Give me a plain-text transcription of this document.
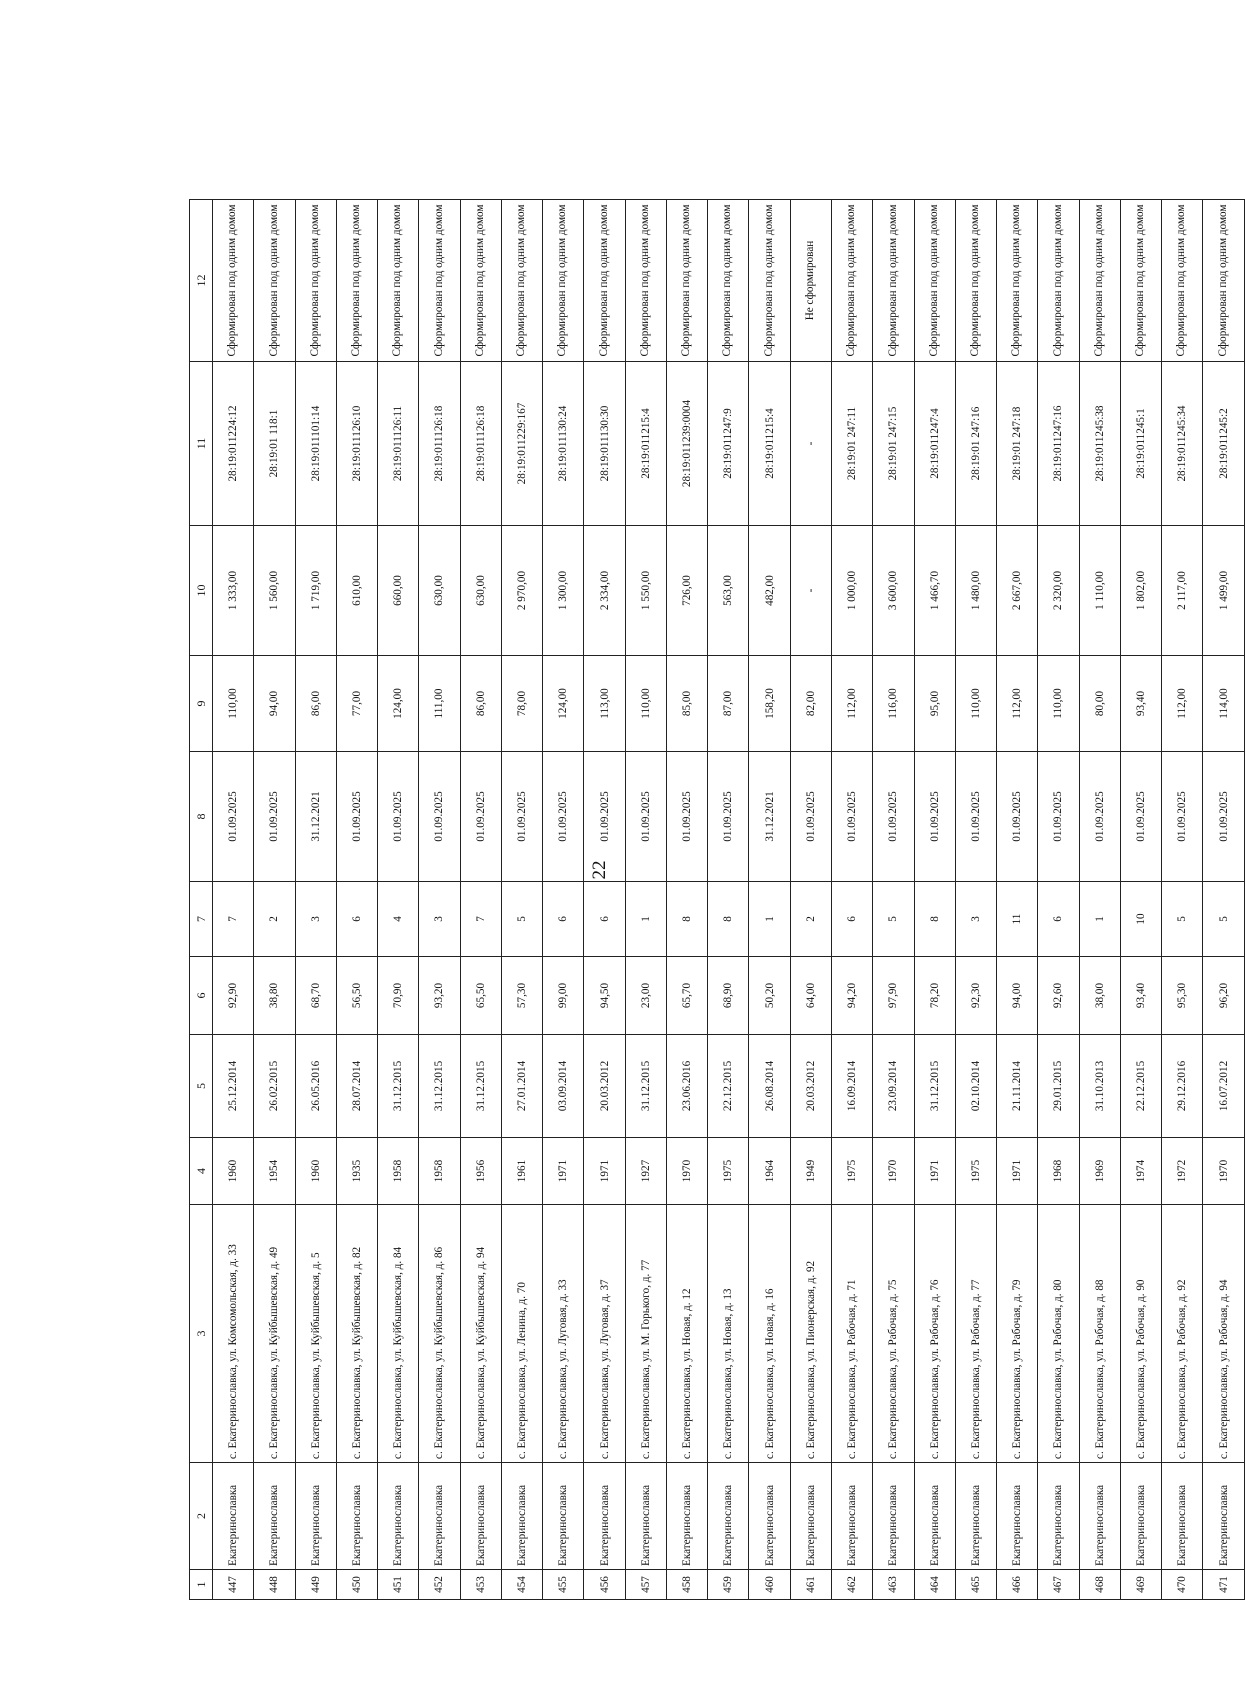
22
1	2	3	4	5	6	7	8	9	10	11	12
447	Екатеринославка	с. Екатеринославка, ул. Комсомольская, д. 33	1960	25.12.2014	92,90	7	01.09.2025	110,00	1 333,00	28:19:011224:12	Сформирован под одним домом
448	Екатеринославка	с. Екатеринославка, ул. Куйбышевская, д. 49	1954	26.02.2015	38,80	2	01.09.2025	94,00	1 560,00	28:19:01 118:1	Сформирован под одним домом
449	Екатеринославка	с. Екатеринославка, ул. Куйбышевская, д. 5	1960	26.05.2016	68,70	3	31.12.2021	86,00	1 719,00	28:19:011101:14	Сформирован под одним домом
450	Екатеринославка	с. Екатеринославка, ул. Куйбышевская, д. 82	1935	28.07.2014	56,50	6	01.09.2025	77,00	610,00	28:19:011126:10	Сформирован под одним домом
451	Екатеринославка	с. Екатеринославка, ул. Куйбышевская, д. 84	1958	31.12.2015	70,90	4	01.09.2025	124,00	660,00	28:19:011126:11	Сформирован под одним домом
452	Екатеринославка	с. Екатеринославка, ул. Куйбышевская, д. 86	1958	31.12.2015	93,20	3	01.09.2025	111,00	630,00	28:19:011126:18	Сформирован под одним домом
453	Екатеринославка	с. Екатеринославка, ул. Куйбышевская, д. 94	1956	31.12.2015	65,50	7	01.09.2025	86,00	630,00	28:19:011126:18	Сформирован под одним домом
454	Екатеринославка	с. Екатеринославка, ул. Ленина, д. 70	1961	27.01.2014	57,30	5	01.09.2025	78,00	2 970,00	28:19:011229:167	Сформирован под одним домом
455	Екатеринославка	с. Екатеринославка, ул. Луговая, д. 33	1971	03.09.2014	99,00	6	01.09.2025	124,00	1 300,00	28:19:011130:24	Сформирован под одним домом
456	Екатеринославка	с. Екатеринославка, ул. Луговая, д. 37	1971	20.03.2012	94,50	6	01.09.2025	113,00	2 334,00	28:19:011130:30	Сформирован под одним домом
457	Екатеринославка	с. Екатеринославка, ул. М. Горького, д. 77	1927	31.12.2015	23,00	1	01.09.2025	110,00	1 550,00	28:19:011215:4	Сформирован под одним домом
458	Екатеринославка	с. Екатеринославка, ул. Новая, д. 12	1970	23.06.2016	65,70	8	01.09.2025	85,00	726,00	28:19:011239:0004	Сформирован под одним домом
459	Екатеринославка	с. Екатеринославка, ул. Новая, д. 13	1975	22.12.2015	68,90	8	01.09.2025	87,00	563,00	28:19:011247:9	Сформирован под одним домом
460	Екатеринославка	с. Екатеринославка, ул. Новая, д. 16	1964	26.08.2014	50,20	1	31.12.2021	158,20	482,00	28:19:011215:4	Сформирован под одним домом
461	Екатеринославка	с. Екатеринославка, ул. Пионерская, д. 92	1949	20.03.2012	64,00	2	01.09.2025	82,00	-	-	Не сформирован
462	Екатеринославка	с. Екатеринославка, ул. Рабочая, д. 71	1975	16.09.2014	94,20	6	01.09.2025	112,00	1 000,00	28:19:01 247:11	Сформирован под одним домом
463	Екатеринославка	с. Екатеринославка, ул. Рабочая, д. 75	1970	23.09.2014	97,90	5	01.09.2025	116,00	3 600,00	28:19:01 247:15	Сформирован под одним домом
464	Екатеринославка	с. Екатеринославка, ул. Рабочая, д. 76	1971	31.12.2015	78,20	8	01.09.2025	95,00	1 466,70	28:19:011247:4	Сформирован под одним домом
465	Екатеринославка	с. Екатеринославка, ул. Рабочая, д. 77	1975	02.10.2014	92,30	3	01.09.2025	110,00	1 480,00	28:19:01 247:16	Сформирован под одним домом
466	Екатеринославка	с. Екатеринославка, ул. Рабочая, д. 79	1971	21.11.2014	94,00	11	01.09.2025	112,00	2 667,00	28:19:01 247:18	Сформирован под одним домом
467	Екатеринославка	с. Екатеринославка, ул. Рабочая, д. 80	1968	29.01.2015	92,60	6	01.09.2025	110,00	2 320,00	28:19:011247:16	Сформирован под одним домом
468	Екатеринославка	с. Екатеринославка, ул. Рабочая, д. 88	1969	31.10.2013	38,00	1	01.09.2025	80,00	1 110,00	28:19:011245:38	Сформирован под одним домом
469	Екатеринославка	с. Екатеринославка, ул. Рабочая, д. 90	1974	22.12.2015	93,40	10	01.09.2025	93,40	1 802,00	28:19:011245:1	Сформирован под одним домом
470	Екатеринославка	с. Екатеринославка, ул. Рабочая, д. 92	1972	29.12.2016	95,30	5	01.09.2025	112,00	2 117,00	28:19:011245:34	Сформирован под одним домом
471	Екатеринославка	с. Екатеринославка, ул. Рабочая, д. 94	1970	16.07.2012	96,20	5	01.09.2025	114,00	1 499,00	28:19:011245:2	Сформирован под одним домом
